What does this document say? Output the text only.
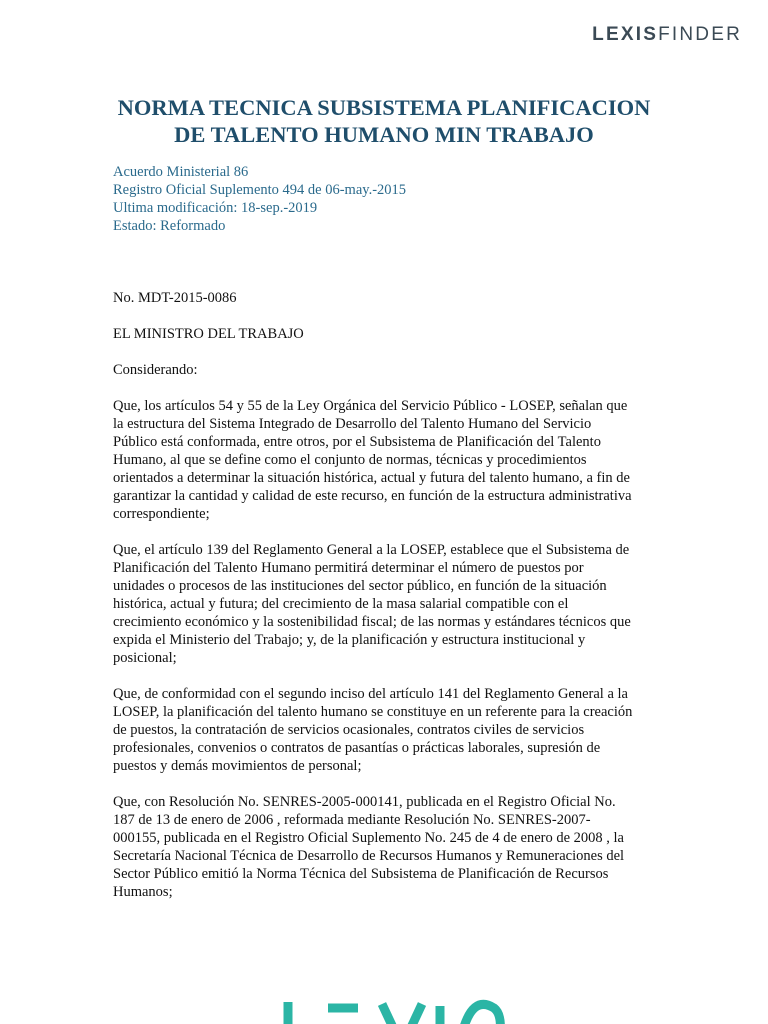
LEXISFINDER
NORMA TECNICA SUBSISTEMA PLANIFICACION
DE TALENTO HUMANO MIN TRABAJO
Acuerdo Ministerial 86
Registro Oficial Suplemento 494 de 06-may.-2015
Ultima modificación: 18-sep.-2019
Estado: Reformado

No. MDT-2015-0086

EL MINISTRO DEL TRABAJO

Considerando:

Que, los artículos 54 y 55 de la Ley Orgánica del Servicio Público - LOSEP, señalan que
la estructura del Sistema Integrado de Desarrollo del Talento Humano del Servicio
Público está conformada, entre otros, por el Subsistema de Planificación del Talento
Humano, al que se define como el conjunto de normas, técnicas y procedimientos
orientados a determinar la situación histórica, actual y futura del talento humano, a fin de
garantizar la cantidad y calidad de este recurso, en función de la estructura administrativa
correspondiente;

Que, el artículo 139 del Reglamento General a la LOSEP, establece que el Subsistema de
Planificación del Talento Humano permitirá determinar el número de puestos por
unidades o procesos de las instituciones del sector público, en función de la situación
histórica, actual y futura; del crecimiento de la masa salarial compatible con el
crecimiento económico y la sostenibilidad fiscal; de las normas y estándares técnicos que
expida el Ministerio del Trabajo; y, de la planificación y estructura institucional y
posicional;

Que, de conformidad con el segundo inciso del artículo 141 del Reglamento General a la
LOSEP, la planificación del talento humano se constituye en un referente para la creación
de puestos, la contratación de servicios ocasionales, contratos civiles de servicios
profesionales, convenios o contratos de pasantías o prácticas laborales, supresión de
puestos y demás movimientos de personal;

Que, con Resolución No. SENRES-2005-000141, publicada en el Registro Oficial No.
187 de 13 de enero de 2006 , reformada mediante Resolución No. SENRES-2007-
000155, publicada en el Registro Oficial Suplemento No. 245 de 4 de enero de 2008 , la
Secretaría Nacional Técnica de Desarrollo de Recursos Humanos y Remuneraciones del
Sector Público emitió la Norma Técnica del Subsistema de Planificación de Recursos
Humanos;
